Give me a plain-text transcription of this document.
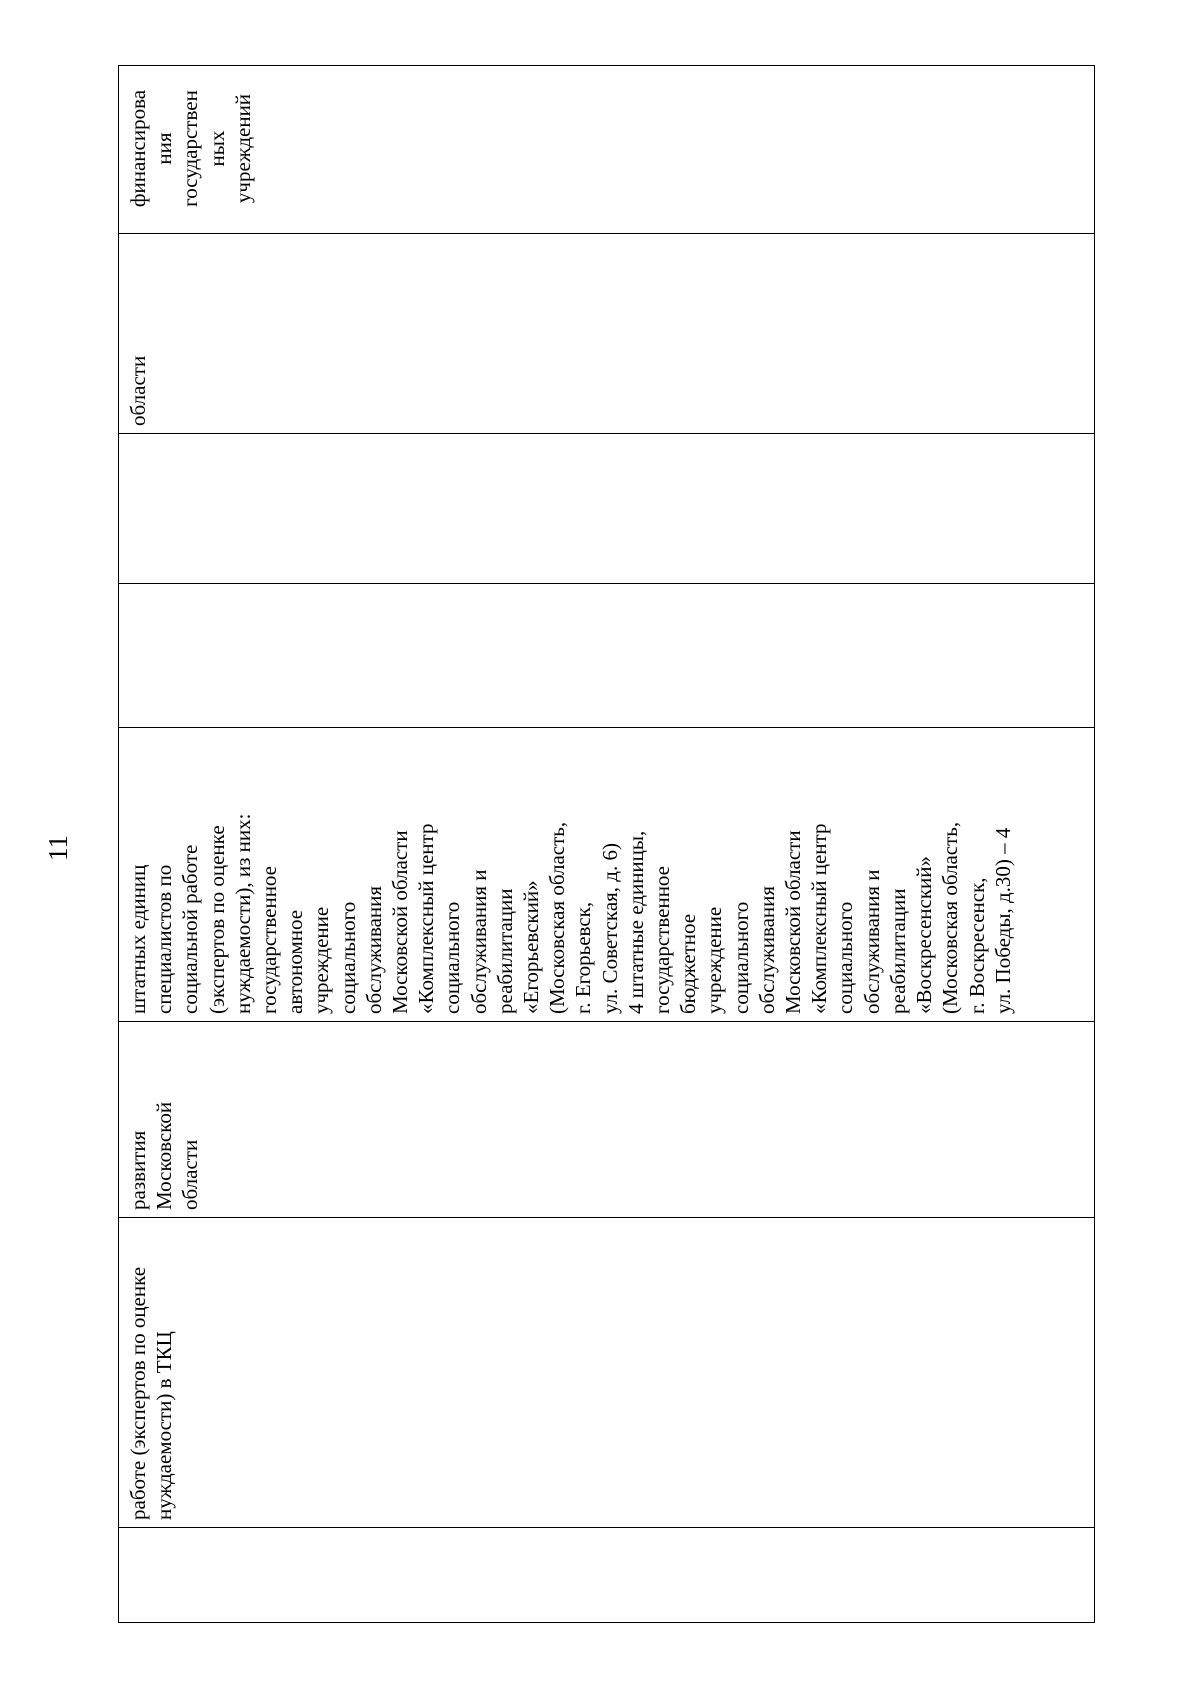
11
работе (экспертов по оценке нуждаемости) в ТКЦ
развития Московской области
штатных единиц специалистов по социальной работе (экспертов по оценке нуждаемости), из них: государственное автономное учреждение социального обслуживания Московской области «Комплексный центр социального обслуживания и реабилитации «Егорьевский» (Московская область, г. Егорьевск, ул. Советская, д. 6) 4 штатные единицы, государственное бюджетное учреждение социального обслуживания Московской области «Комплексный центр социального обслуживания и реабилитации «Воскресенский» (Московская область, г. Воскресенск, ул. Победы, д.30) – 4
области
финансирова ния государствен ных учреждений
